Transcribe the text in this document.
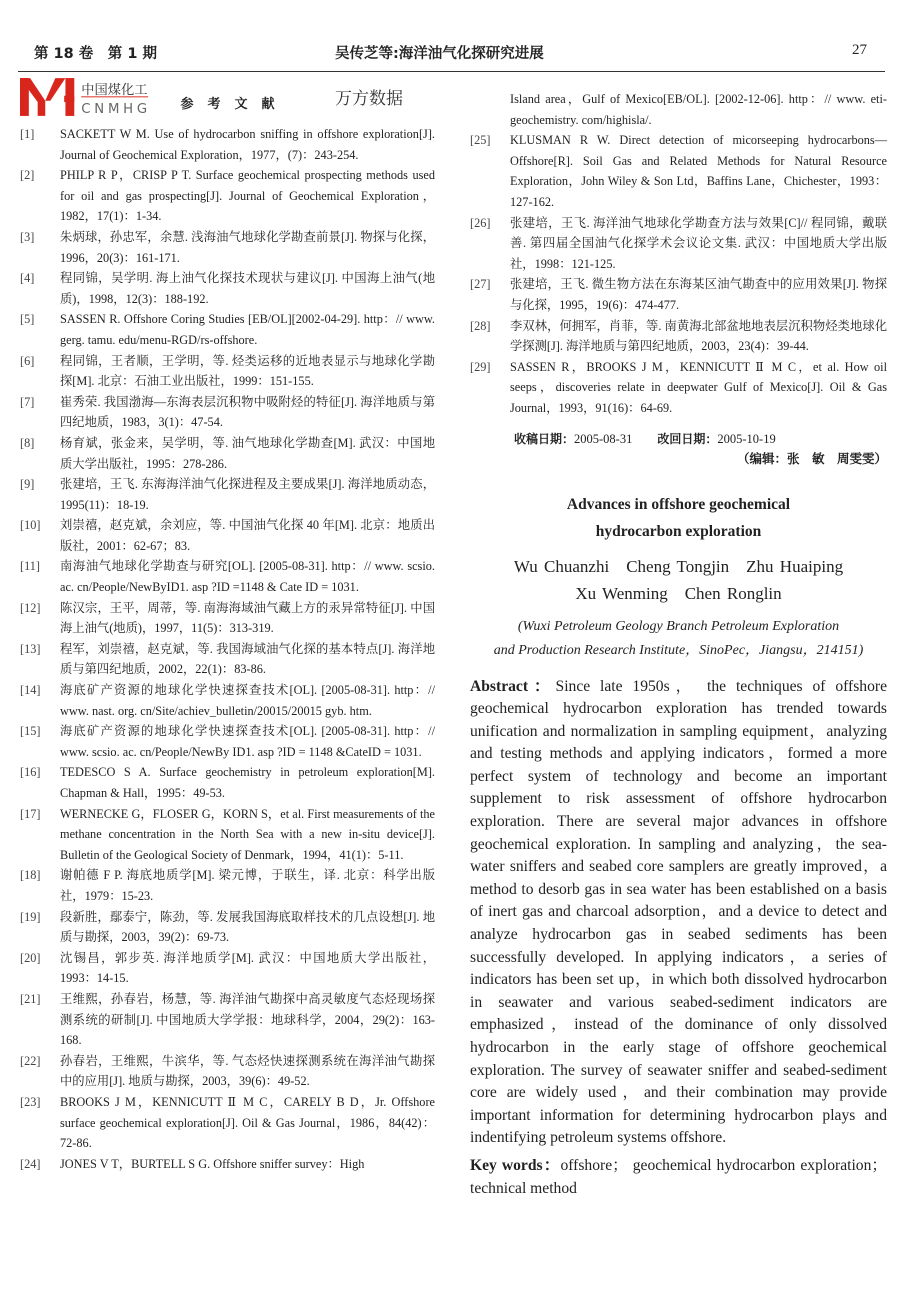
第 18 卷　第 1 期	吴传芝等:海洋油气化探研究进展	27
参考文献
[1]	SACKETT W M. Use of hydrocarbon sniffing in offshore exploration[J]. Journal of Geochemical Exploration，1977，(7)：243-254.
[2]	PHILP R P，CRISP P T. Surface geochemical prospecting methods used for oil and gas prospecting[J]. Journal of Geochemical Exploration，1982，17(1)：1-34.
[3]	朱炳球，孙忠军，余慧. 浅海油气地球化学勘查前景[J]. 物探与化探，1996，20(3)：161-171.
[4]	程同锦，吴学明. 海上油气化探技术现状与建议[J]. 中国海上油气(地质)，1998，12(3)：188-192.
[5]	SASSEN R. Offshore Coring Studies [EB/OL][2002-04-29]. http：// www. gerg. tamu. edu/menu-RGD/rs-offshore.
[6]	程同锦，王者顺，王学明，等. 烃类运移的近地表显示与地球化学勘探[M]. 北京：石油工业出版社，1999：151-155.
[7]	崔秀荣. 我国渤海—东海表层沉积物中吸附烃的特征[J]. 海洋地质与第四纪地质，1983，3(1)：47-54.
[8]	杨育斌，张金来，吴学明，等. 油气地球化学勘查[M]. 武汉：中国地质大学出版社，1995：278-286.
[9]	张建培，王飞. 东海海洋油气化探进程及主要成果[J]. 海洋地质动态，1995(11)：18-19.
[10]	刘崇禧，赵克斌，余刘应，等. 中国油气化探 40 年[M]. 北京：地质出版社，2001：62-67；83.
[11]	南海油气地球化学勘查与研究[OL]. [2005-08-31]. http：// www. scsio. ac. cn/People/NewByID1. asp ?ID =1148 & Cate ID = 1031.
[12]	陈汉宗，王平，周蒂，等. 南海海域油气藏上方的汞异常特征[J]. 中国海上油气(地质)，1997，11(5)：313-319.
[13]	程军，刘崇禧，赵克斌，等. 我国海域油气化探的基本特点[J]. 海洋地质与第四纪地质，2002，22(1)：83-86.
[14]	海底矿产资源的地球化学快速探查技术[OL]. [2005-08-31]. http：// www. nast. org. cn/Site/achiev_bulletin/20015/20015 gyb. htm.
[15]	海底矿产资源的地球化学快速探查技术[OL]. [2005-08-31]. http：// www. scsio. ac. cn/People/NewBy ID1. asp ?ID = 1148 &CateID = 1031.
[16]	TEDESCO S A. Surface geochemistry in petroleum exploration[M]. Chapman & Hall，1995：49-53.
[17]	WERNECKE G，FLOSER G，KORN S，et al. First measurements of the methane concentration in the North Sea with a new in-situ device[J]. Bulletin of the Geological Society of Denmark，1994，41(1)：5-11.
[18]	谢帕德 F P. 海底地质学[M]. 梁元博，于联生，译. 北京：科学出版社，1979：15-23.
[19]	段新胜，鄢泰宁，陈劲，等. 发展我国海底取样技术的几点设想[J]. 地质与勘探，2003，39(2)：69-73.
[20]	沈锡昌，郭步英. 海洋地质学[M]. 武汉：中国地质大学出版社，1993：14-15.
[21]	王维熙，孙春岩，杨慧，等. 海洋油气勘探中高灵敏度气态烃现场探测系统的研制[J]. 中国地质大学学报：地球科学，2004，29(2)：163-168.
[22]	孙春岩，王维熙，牛滨华，等. 气态烃快速探测系统在海洋油气勘探中的应用[J]. 地质与勘探，2003，39(6)：49-52.
[23]	BROOKS J M，KENNICUTT Ⅱ M C，CARELY B D，Jr. Offshore surface geochemical exploration[J]. Oil & Gas Journal，1986，84(42)：72-86.
[24]	JONES V T，BURTELL S G. Offshore sniffer survey：High
Island area，Gulf of Mexico[EB/OL]. [2002-12-06]. http：// www. eti-geochemistry. com/highisla/.
[25]	KLUSMAN R W. Direct detection of micorseeping hydrocarbons—Offshore[R]. Soil Gas and Related Methods for Natural Resource Exploration，John Wiley & Son Ltd，Baffins Lane，Chichester，1993：127-162.
[26]	张建培，王飞. 海洋油气地球化学勘查方法与效果[C]// 程同锦，戴联善. 第四届全国油气化探学术会议论文集. 武汉：中国地质大学出版社，1998：121-125.
[27]	张建培，王飞. 微生物方法在东海某区油气勘查中的应用效果[J]. 物探与化探，1995，19(6)：474-477.
[28]	李双林，何拥军，肖菲，等. 南黄海北部盆地地表层沉积物烃类地球化学探测[J]. 海洋地质与第四纪地质，2003，23(4)：39-44.
[29]	SASSEN R，BROOKS J M，KENNICUTT Ⅱ M C，et al. How oil seeps，discoveries relate in deepwater Gulf of Mexico[J]. Oil & Gas Journal，1993，91(16)：64-69.
收稿日期：2005-08-31　　 改回日期：2005-10-19
（编辑：张　敏　周雯雯）
Advances in offshore geochemical
hydrocarbon exploration
Wu Chuanzhi　Cheng Tongjin　Zhu Huaiping
Xu Wenming　Chen Ronglin
(Wuxi Petroleum Geology Branch Petroleum Exploration
and Production Research Institute，SinoPec，Jiangsu，214151)
Abstract：Since late 1950s， the techniques of offshore geochemical hydrocarbon exploration has trended towards unification and normalization in sampling equipment，analyzing and testing methods and applying indicators，formed a more perfect system of technology and become an important supplement to risk assessment of offshore hydrocarbon exploration. There are several major advances in offshore geochemical exploration. In sampling and analyzing，the sea-water sniffers and seabed core samplers are greatly improved，a method to desorb gas in sea water has been established on a basis of inert gas and charcoal adsorption，and a device to detect and analyze hydrocarbon gas in seabed sediments has been successfully developed. In applying indicators，a series of indicators has been set up，in which both dissolved hydrocarbon in seawater and various seabed-sediment indicators are emphasized，instead of the dominance of only dissolved hydrocarbon in the early stage of offshore geochemical exploration. The survey of seawater sniffer and seabed-sediment core are widely used，and their combination may provide important information for determining hydrocarbon plays and indentifying petroleum systems offshore.
Key words：offshore； geochemical hydrocarbon exploration； technical method
中国煤化工
CNMHG
万方数据
